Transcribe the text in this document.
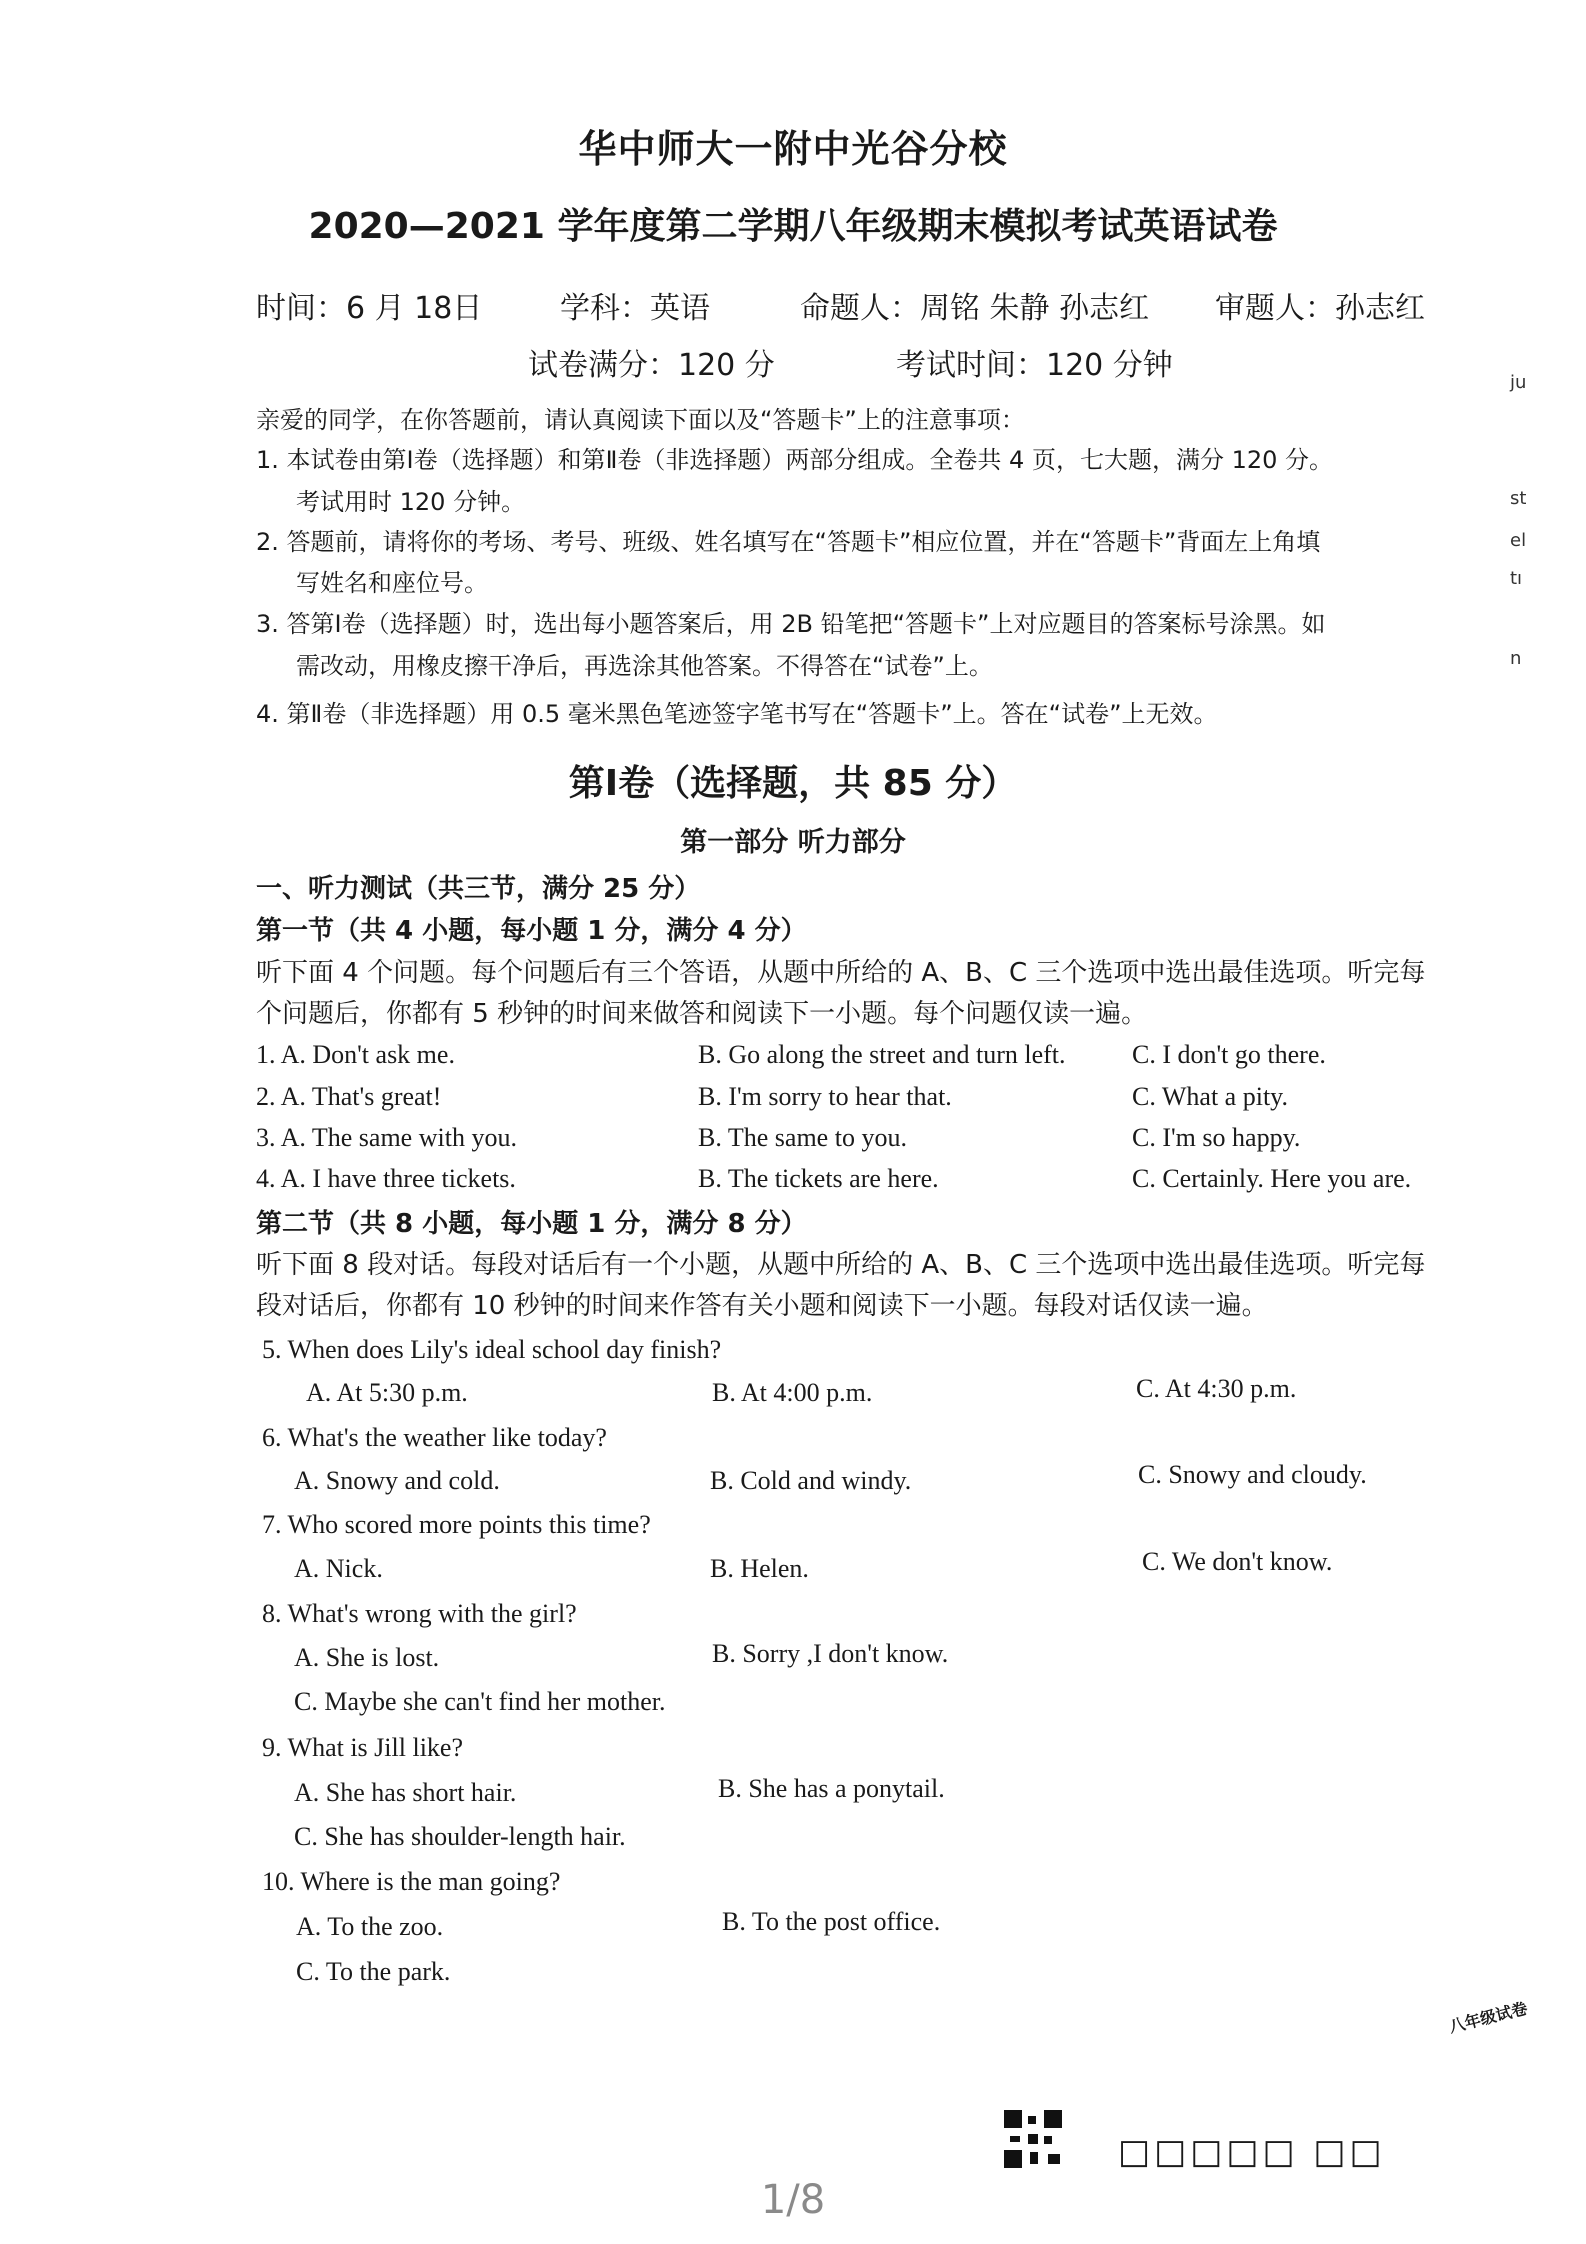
华中师大一附中光谷分校
2020—2021 学年度第二学期八年级期末模拟考试英语试卷
时间：6 月 18日	学科：英语	命题人：周铭 朱静 孙志红 审题人：孙志红
试卷满分：120 分	考试时间：120 分钟
亲爱的同学，在你答题前，请认真阅读下面以及“答题卡”上的注意事项：
1. 本试卷由第Ⅰ卷（选择题）和第Ⅱ卷（非选择题）两部分组成。全卷共 4 页，七大题，满分 120 分。
考试用时 120 分钟。
2. 答题前，请将你的考场、考号、班级、姓名填写在“答题卡”相应位置，并在“答题卡”背面左上角填
写姓名和座位号。
3. 答第Ⅰ卷（选择题）时，选出每小题答案后，用 2B 铅笔把“答题卡”上对应题目的答案标号涂黑。如
需改动，用橡皮擦干净后，再选涂其他答案。不得答在“试卷”上。
4. 第Ⅱ卷（非选择题）用 0.5 毫米黑色笔迹签字笔书写在“答题卡”上。答在“试卷”上无效。
第Ⅰ卷（选择题，共 85 分）
第一部分 听力部分
一、听力测试（共三节，满分 25 分）
第一节（共 4 小题，每小题 1 分，满分 4 分）
听下面 4 个问题。每个问题后有三个答语，从题中所给的 A、B、C 三个选项中选出最佳选项。听完每
个问题后，你都有 5 秒钟的时间来做答和阅读下一小题。每个问题仅读一遍。
1. A. Don't ask me.	B. Go along the street and turn left.	C. I don't go there.
2. A. That's great!	B. I'm sorry to hear that.	C. What a pity.
3. A. The same with you.	B. The same to you.	C. I'm so happy.
4. A. I have three tickets.	B. The tickets are here.	C. Certainly. Here you are.
第二节（共 8 小题，每小题 1 分，满分 8 分）
听下面 8 段对话。每段对话后有一个小题，从题中所给的 A、B、C 三个选项中选出最佳选项。听完每
段对话后，你都有 10 秒钟的时间来作答有关小题和阅读下一小题。每段对话仅读一遍。
5. When does Lily's ideal school day finish?
A. At 5:30 p.m.	B. At 4:00 p.m.	C. At 4:30 p.m.
6. What's the weather like today?
A. Snowy and cold.	B. Cold and windy.	C. Snowy and cloudy.
7. Who scored more points this time?
A. Nick.	B. Helen.	C. We don't know.
8. What's wrong with the girl?
A. She is lost.	B. Sorry ,I don't know.
C. Maybe she can't find her mother.
9. What is Jill like?
A. She has short hair.	B. She has a ponytail.
C. She has shoulder-length hair.
10. Where is the man going?
A. To the zoo.	B. To the post office.
C. To the park.
ju
st
el
tı
n
八年级试卷
□□□□□ □□
1/8
